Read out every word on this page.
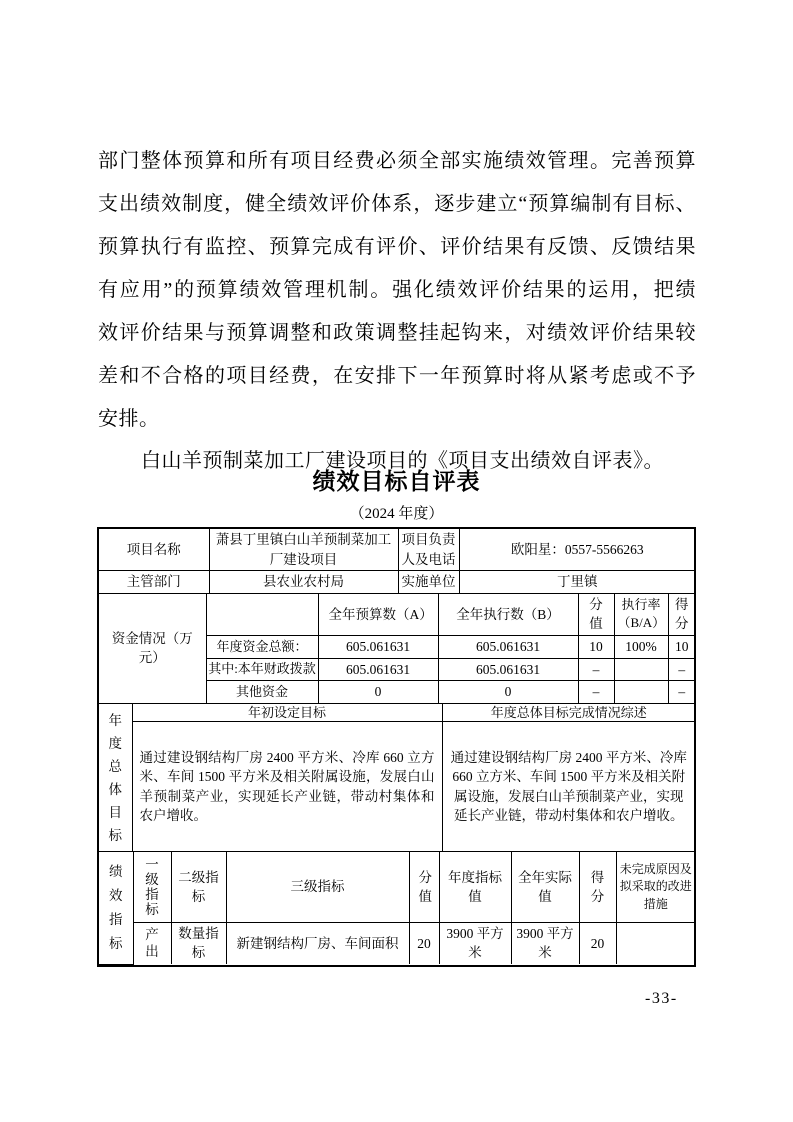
部门整体预算和所有项目经费必须全部实施绩效管理。完善预算
支出绩效制度，健全绩效评价体系，逐步建立“预算编制有目标、
预算执行有监控、预算完成有评价、评价结果有反馈、反馈结果
有应用”的预算绩效管理机制。强化绩效评价结果的运用，把绩
效评价结果与预算调整和政策调整挂起钩来，对绩效评价结果较
差和不合格的项目经费，在安排下一年预算时将从紧考虑或不予
安排。
白山羊预制菜加工厂建设项目的《项目支出绩效自评表》。
绩效目标自评表
（2024 年度）
项目名称	萧县丁里镇白山羊预制菜加工厂建设项目	项目负责人及电话	欧阳星：0557-5566263
主管部门	县农业农村局	实施单位	丁里镇
资金情况（万元）		全年预算数（A）	全年执行数（B）	分值	执行率（B/A）	得分
	年度资金总额：	605.061631	605.061631	10	100%	10
	其中:本年财政拨款	605.061631	605.061631	–		–
	其他资金	0	0	–		–
年度总体目标	年初设定目标	年度总体目标完成情况综述
	通过建设钢结构厂房 2400 平方米、冷库 660 立方米、车间 1500 平方米及相关附属设施，发展白山羊预制菜产业，实现延长产业链，带动村集体和农户增收。	通过建设钢结构厂房 2400 平方米、冷库 660 立方米、车间 1500 平方米及相关附属设施，发展白山羊预制菜产业，实现延长产业链，带动村集体和农户增收。
绩效指标	一级指标	二级指标	三级指标	分值	年度指标值	全年实际值	得分	未完成原因及拟采取的改进措施
	产出	数量指标	新建钢结构厂房、车间面积	20	3900 平方米	3900 平方米	20	
-33-
